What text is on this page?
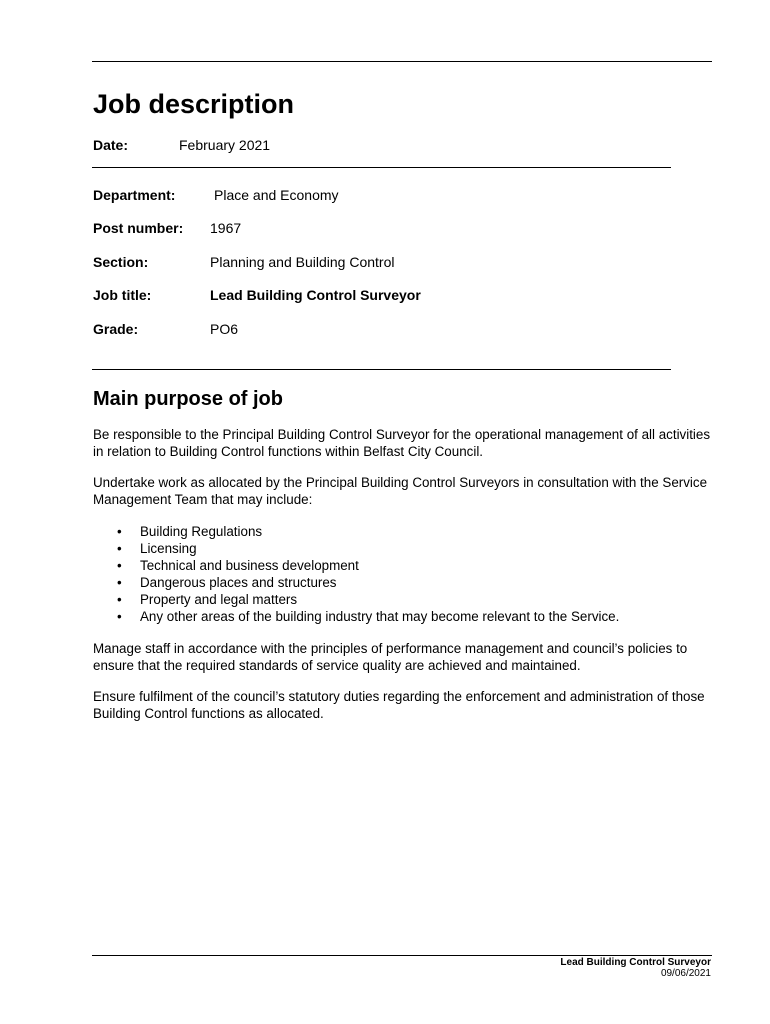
Job description
Date:	February 2021
Department:	Place and Economy
Post number: 1967
Section:	Planning and Building Control
Job title:	Lead Building Control Surveyor
Grade:	PO6
Main purpose of job

Be responsible to the Principal Building Control Surveyor for the operational management of all activities in relation to Building Control functions within Belfast City Council.

Undertake work as allocated by the Principal Building Control Surveyors in consultation with the Service Management Team that may include:

• Building Regulations
• Licensing
• Technical and business development
• Dangerous places and structures
• Property and legal matters
• Any other areas of the building industry that may become relevant to the Service.

Manage staff in accordance with the principles of performance management and council’s policies to ensure that the required standards of service quality are achieved and maintained.

Ensure fulfilment of the council’s statutory duties regarding the enforcement and administration of those Building Control functions as allocated.

Lead Building Control Surveyor
09/06/2021
